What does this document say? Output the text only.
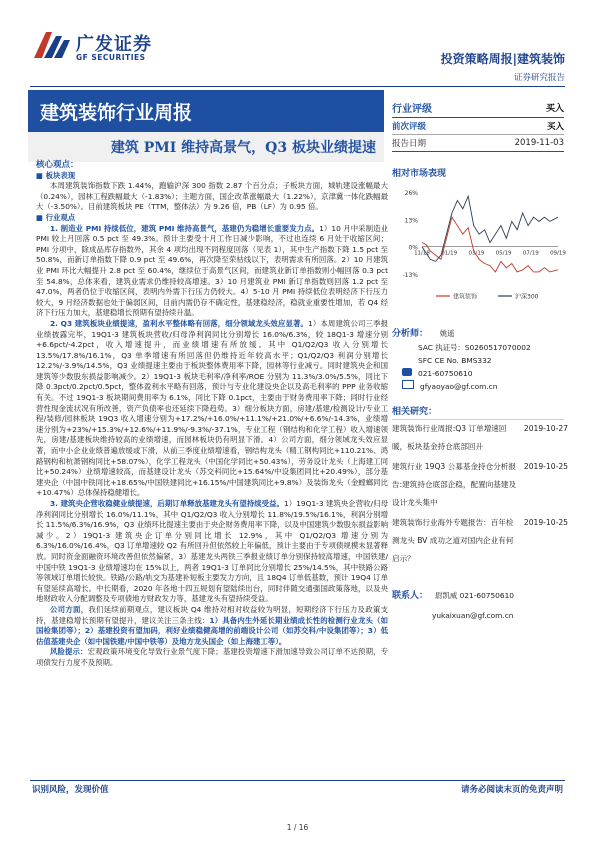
广发证券
GF SECURITIES	投资策略周报|建筑装饰
证券研究报告
建筑装饰行业周报
建筑 PMI 维持高景气，Q3 板块业绩提速
行业评级	买入
前次评级	买入
报告日期	2019-11-03
核心观点：
■ 板块表现

本周建筑装饰指数下跌 1.44%，跑输沪深 300 指数 2.87 个百分点；子板块方面，城轨建设涨幅最大（0.24%），园林工程跌幅最大（-1.83%）；主题方面，国企改革涨幅最大（1.22%），京津冀一体化跌幅最大（-3.50%）。目前建筑板块 PE（TTM，整体法）为 9.26 倍，PB（LF）为 0.95 倍。

■ 行业观点

1. 制造业 PMI 持续低位，建筑 PMI 维持高景气，基建仍为稳增长重要发力点。1）10 月中采制造业 PMI 较上月回落 0.5 pct 至 49.3%。预计主要受十月工作日减少影响，不过也连续 6 月处于收缩区间；PMI 分项中，除成品库存指数外，其余 4 项均出现不同程度回落（见表 1），其中生产指数下降 1.5 pct 至 50.8%，而新订单指数下降 0.9 pct 至 49.6%，再次降至荣枯线以下，表明需求有所回落。2）10 月建筑业 PMI 环比大幅提升 2.8 pct 至 60.4%，继续位于高景气区间，而建筑业新订单指数则小幅回落 0.3 pct 至 54.8%，总体来看，建筑业需求仍维持较高增速。3）10 月建筑业 PMI 新订单指数则回落 1.2 pct 至 47.0%，两者仍位于收缩区间，表明内外需下行压力仍较大。4）5-10 月 PMI 持续低位表明经济下行压力较大，9 月经济数据也处于偏弱区间，目前内需仍存不确定性，基建稳经济，稳就业重要性增加，若 Q4 经济下行压力加大，基建稳增长预期有望持续升温。

2. Q3 建筑板块业绩提速，盈利水平整体略有回落，细分领域龙头效应显著。1）本周建筑公司三季报业绩披露完毕，19Q1-3 建筑板块营收/归母净利润同比分别增长 16.0%/6.3%，较 18Q1-3 增速分别+6.6pct/-4.2pct，收入增速提升，而业绩增速有所放缓。其中 Q1/Q2/Q3 收入分别增长 13.5%/17.8%/16.1%，Q3 单季增速有所回落但仍维持近年较高水平；Q1/Q2/Q3 利润分别增长 12.2%/-3.9%/14.5%，Q3 业绩提速主要由于板块整体费用率下降，园林等行业减亏。同时建筑央企和国建筑等少数股东损益影响减少。2）19Q1-3 板块毛利率/净利率/ROE 分别为 11.3%/3.0%/5.5%，同比下降 0.3pct/0.2pct/0.5pct，整体盈利水平略有回落，预计与专业化建设央企以及高毛利率的 PPP 业务收缩有关。不过 19Q1-3 板块期间费用率为 6.1%，同比下降 0.1pct，主要由于财务费用率下降；同时行业经营性现金流状况有所改善，资产负债率也还延续下降趋势。3）细分板块方面，房建/基建/检测设计/专业工程/装修/园林板块 19Q3 收入增速分别为+17.2%/+16.0%/+11.1%/+21.0%/+6.6%/-14.3%，业绩增速分别为+23%/+15.3%/+12.6%/+11.9%/-9.3%/-37.1%，专业工程（钢结构和化学工程）收入增速领先，房建/基建板块维持较高的业绩增速，而园林板块仍有明显下滑。4）公司方面，细分领域龙头效应显著，而中小企业业绩普遍放缓或下滑，从前三季度业绩增速看，钢结构龙头（精工钢构同比+110.21%、鸿路钢构和杭萧钢构同比+58.07%），化学工程龙头（中国化学同比+50.43%），劳务设计龙头（上海建工同比+50.24%）业绩增速较高，而基建设计龙头（苏交科同比+15.64%/中设集团同比+20.49%），部分基建央企（中国中铁同比+18.65%/中国铁建同比+16.15%/中国建筑同比+9.8%）及装饰龙头（金螳螂同比+10.47%）总体保持稳健增长。

3. 建筑央企营收稳健业绩提速，后期订单释放基建龙头有望持续受益。1）19Q1-3 建筑央企营收/归母净利润同比分别增长 16.0%/11.1%，其中 Q1/Q2/Q3 收入分别增长 11.8%/19.5%/16.1%，利润分别增长 11.5%/6.3%/16.9%，Q3 业绩环比提速主要由于央企财务费用率下降，以及中国建筑少数股东损益影响减少。2）19Q1-3 建筑央企订单分别同比增长 12.9%，其中 Q1/Q2/Q3 增速分别为 6.3%/16.0%/16.4%，Q3 订单增速较 Q2 有所回升但依然较上年偏低，预计主要由于专项债规模未显著释放。同时资金面融资环境改善但依然偏紧，3）基建龙头两铁三季报业绩订单分别保持较高增速，中国铁建/中国中铁 19Q1-3 业绩增速均在 15%以上，两者 19Q1-3 订单同比分别增长 25%/14.5%，其中铁路公路等领域订单增长较快。铁路/公路/轨交为基建补短板主要发力方向，且 18Q4 订单低基数，预计 19Q4 订单有望延续高增长。中长期看，2020 年各地十四五规划有望陆续出台，同时伴随交通强国政策落地，以及央地财政收入分配调整及专项债地方财政发力等，基建龙头有望持续受益。

公司方面，我们延续前期观点，建议板块 Q4 维持对相对收益较为明显，短期经济下行压力及政策支持，基建稳增长预期有望提升，建议关注三条主线：1）具备内生外延长期业绩成长性的检测行业龙头（如国检集团等）；2）基建投资有望加码，利好业绩稳健高增的前端设计公司（如苏交科/中设集团等）；3）低估值基建央企（如中国铁建/中国中铁等）及地方龙头国企（如上海建工等）。

风险提示：宏观政策环境变化导致行业景气度下降；基建投资增速下滑加速导致公司订单不达预期，专项债发行力度不及预期。

相对市场表现
26%
13%
0%
-13%
11/18 01/19 03/19 05/19 07/19 09/19
建筑装饰	沪深300
分析师： 姚遥
SAC 执证号：S0260517070002
SFC CE No. BMS332
021-60750610
gfyaoyao@gf.com.cn
相关研究：
建筑装饰行业周报:Q3 订单增速回暖，板块基金持仓底部回升
2019-10-27
建筑行业 19Q3 公募基金持仓分析报告:建筑持仓底部企稳，配置向基建及设计龙头集中
2019-10-25
建筑装饰行业海外专题报告：百年检测龙头 BV 成功之道对国内企业有何启示？
2019-10-25
联系人： 尉凯威 021-60750610
yukaixuan@gf.com.cn
识别风险，发现价值	请务必阅读末页的免责声明
1 / 16
